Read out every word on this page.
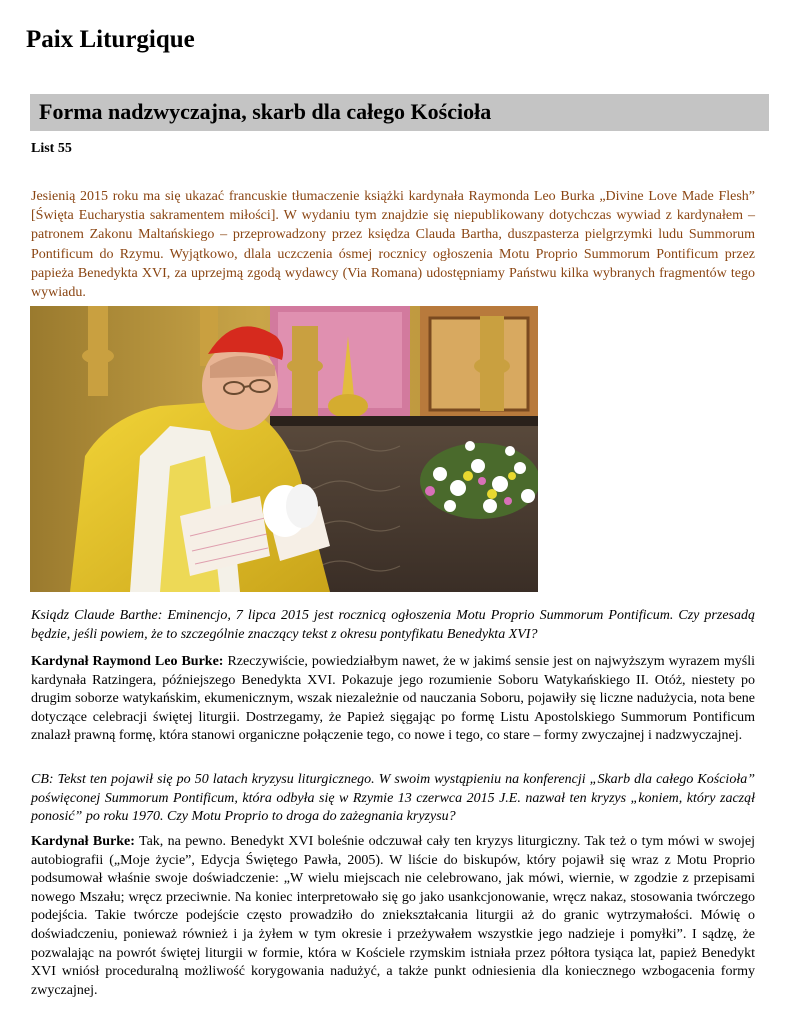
Paix Liturgique
Forma nadzwyczajna, skarb dla całego Kościoła
List 55

Jesienią 2015 roku ma się ukazać francuskie tłumaczenie książki kardynała Raymonda Leo Burka „Divine Love Made Flesh” [Święta Eucharystia sakramentem miłości]. W wydaniu tym znajdzie się niepublikowany dotychczas wywiad z kardynałem – patronem Zakonu Maltańskiego – przeprowadzony przez księdza Clauda Bartha, duszpasterza pielgrzymki ludu Summorum Pontificum do Rzymu. Wyjątkowo, dlala uczczenia ósmej rocznicy ogłoszenia Motu Proprio Summorum Pontificum przez papieża Benedykta XVI, za uprzejmą zgodą wydawcy (Via Romana) udostępniamy Państwu kilka wybranych fragmentów tego wywiadu.

Ksiądz Claude Barthe: Eminencjo, 7 lipca 2015 jest rocznicą ogłoszenia Motu Proprio Summorum Pontificum. Czy przesadą będzie, jeśli powiem, że to szczególnie znaczący tekst z okresu pontyfikatu Benedykta XVI?

Kardynał Raymond Leo Burke: Rzeczywiście, powiedziałbym nawet, że w jakimś sensie jest on najwyższym wyrazem myśli kardynała Ratzingera, późniejszego Benedykta XVI. Pokazuje jego rozumienie Soboru Watykańskiego II. Otóż, niestety po drugim soborze watykańskim, ekumenicznym, wszak niezależnie od nauczania Soboru, pojawiły się liczne nadużycia, nota bene dotyczące celebracji świętej liturgii. Dostrzegamy, że Papież sięgając po formę Listu Apostolskiego Summorum Pontificum znalazł prawną formę, która stanowi organiczne połączenie tego, co nowe i tego, co stare – formy zwyczajnej i nadzwyczajnej.

CB: Tekst ten pojawił się po 50 latach kryzysu liturgicznego. W swoim wystąpieniu na konferencji „Skarb dla całego Kościoła” poświęconej Summorum Pontificum, która odbyła się w Rzymie 13 czerwca 2015 J.E. nazwał ten kryzys „koniem, który zaczął ponosić” po roku 1970. Czy Motu Proprio to droga do zażegnania kryzysu?

Kardynał Burke: Tak, na pewno. Benedykt XVI boleśnie odczuwał cały ten kryzys liturgiczny. Tak też o tym mówi w swojej autobiografii („Moje życie”, Edycja Świętego Pawła, 2005). W liście do biskupów, który pojawił się wraz z Motu Proprio podsumował właśnie swoje doświadczenie: „W wielu miejscach nie celebrowano, jak mówi, wiernie, w zgodzie z przepisami nowego Mszału; wręcz przeciwnie. Na koniec interpretowało się go jako usankcjonowanie, wręcz nakaz, stosowania twórczego podejścia. Takie twórcze podejście często prowadziło do zniekształcania liturgii aż do granic wytrzymałości. Mówię o doświadczeniu, ponieważ również i ja żyłem w tym okresie i przeżywałem wszystkie jego nadzieje i pomyłki”. I sądzę, że pozwalając na powrót świętej liturgii w formie, która w Kościele rzymskim istniała przez półtora tysiąca lat, papież Benedykt XVI wniósł proceduralną możliwość korygowania nadużyć, a także punkt odniesienia dla koniecznego wzbogacenia formy zwyczajnej.
